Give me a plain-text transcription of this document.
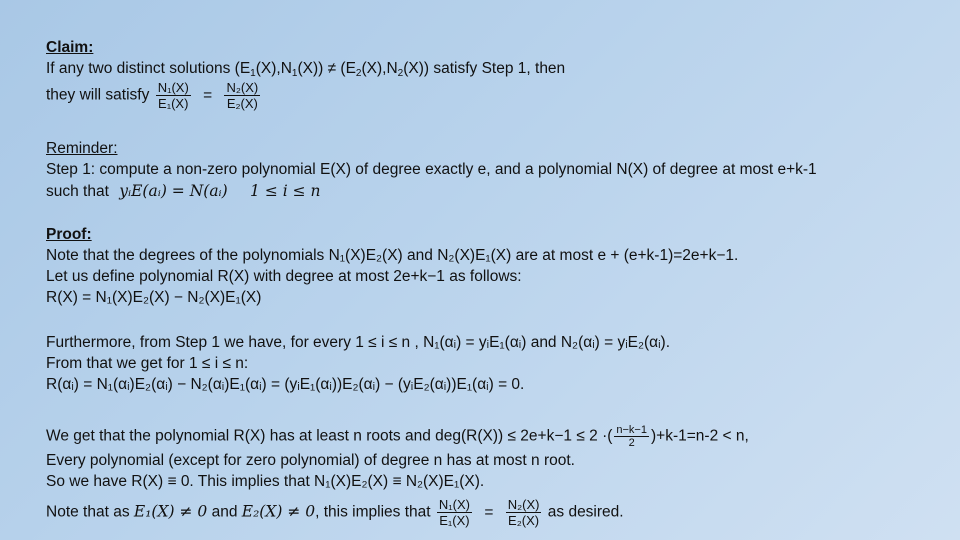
Claim:
If any two distinct solutions $(E_1(X),N_1(X)) \ne (E_2(X),N_2(X))$ satisfy Step 1, then
they will satisfy $\frac{\text{N₁(X)}}{\text{E₁(X)}} = \frac{\text{N₂(X)}}{\text{E₂(X)}}$
Reminder:
Step 1: compute a non-zero polynomial E(X) of degree exactly e, and a polynomial N(X) of degree at most e+k-1
such that yᵢE(aᵢ) = N(aᵢ) 1 ≤ i ≤ n
Proof:
Note that the degrees of the polynomials N₁(X)E₂(X) and N₂(X)E₁(X) are at most e + (e+k-1)=2e+k−1.
Let us define polynomial R(X) with degree at most 2e+k−1 as follows:
R(X) = N₁(X)E₂(X) − N₂(X)E₁(X)
Furthermore, from Step 1 we have, for every 1 ≤ i ≤ n , N₁(αᵢ) = yᵢE₁(αᵢ) and N₂(αᵢ) = yᵢE₂(αᵢ).
From that we get for 1 ≤ i ≤ n:
R(αᵢ) = N₁(αᵢ)E₂(αᵢ) − N₂(αᵢ)E₁(αᵢ) = (yᵢE₁(αᵢ))E₂(αᵢ) − (yᵢE₂(αᵢ))E₁(αᵢ) = 0.
We get that the polynomial R(X) has at least n roots and deg(R(X)) ≤ 2e+k−1 ≤ 2 ·( $\frac{n-k-1}{2} )+k-1=n-2 < n$,
Every polynomial (except for zero polynomial) of degree n has at most n root.
So we have R(X) ≡ 0. This implies that N₁(X)E₂(X) ≡ N₂(X)E₁(X).
Note that as E₁(X) ≠ 0 and E₂(X) ≠ 0, this implies that $\frac{\text{N₁(X)}}{\text{E₁(X)}} = \frac{\text{N₂(X)}}{\text{E₂(X)}}$ as desired.
